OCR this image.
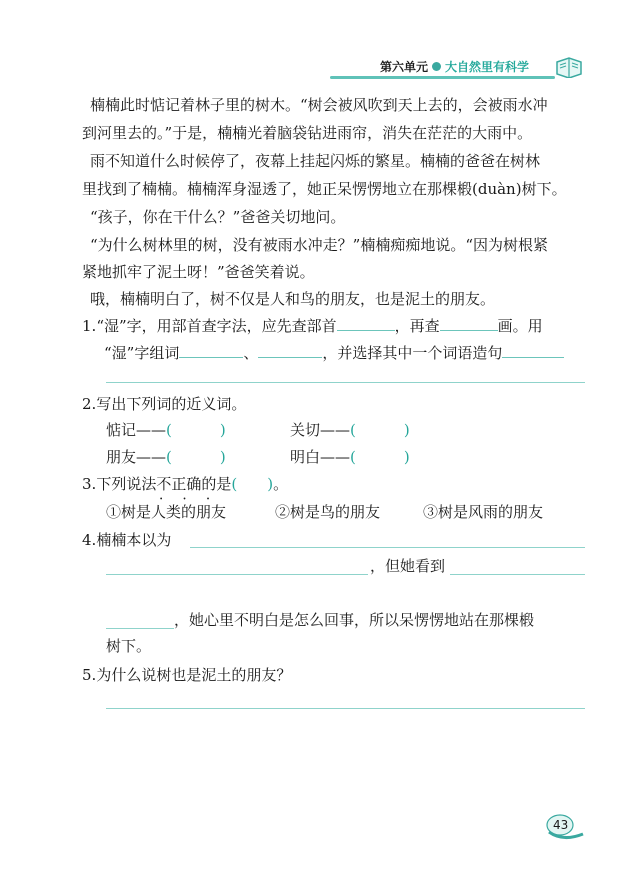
第六单元 大自然里有科学
楠楠此时惦记着林子里的树木。“树会被风吹到天上去的，会被雨水冲
到河里去的。”于是，楠楠光着脑袋钻进雨帘，消失在茫茫的大雨中。
雨不知道什么时候停了，夜幕上挂起闪烁的繁星。楠楠的爸爸在树林
里找到了楠楠。楠楠浑身湿透了，她正呆愣愣地立在那棵椴(duàn)树下。
“孩子，你在干什么？”爸爸关切地问。
“为什么树林里的树，没有被雨水冲走？”楠楠痴痴地说。“因为树根紧
紧地抓牢了泥土呀！”爸爸笑着说。
哦，楠楠明白了，树不仅是人和鸟的朋友，也是泥土的朋友。
1.“湿”字，用部首查字法，应先查部首	，再查	画。用
“湿”字组词	、	，并选择其中一个词语造句
2.写出下列词的近义词。
惦记——(	)	关切——(	)
朋友——(	)	明白——(	)
3.下列说法不正确 • • •的是(　　)。
①树是人类的朋友	②树是鸟的朋友	③树是风雨的朋友
4.楠楠本以为
，但她看到
，她心里不明白是怎么回事，所以呆愣愣地站在那棵椴
树下。
5.为什么说树也是泥土的朋友？
43
